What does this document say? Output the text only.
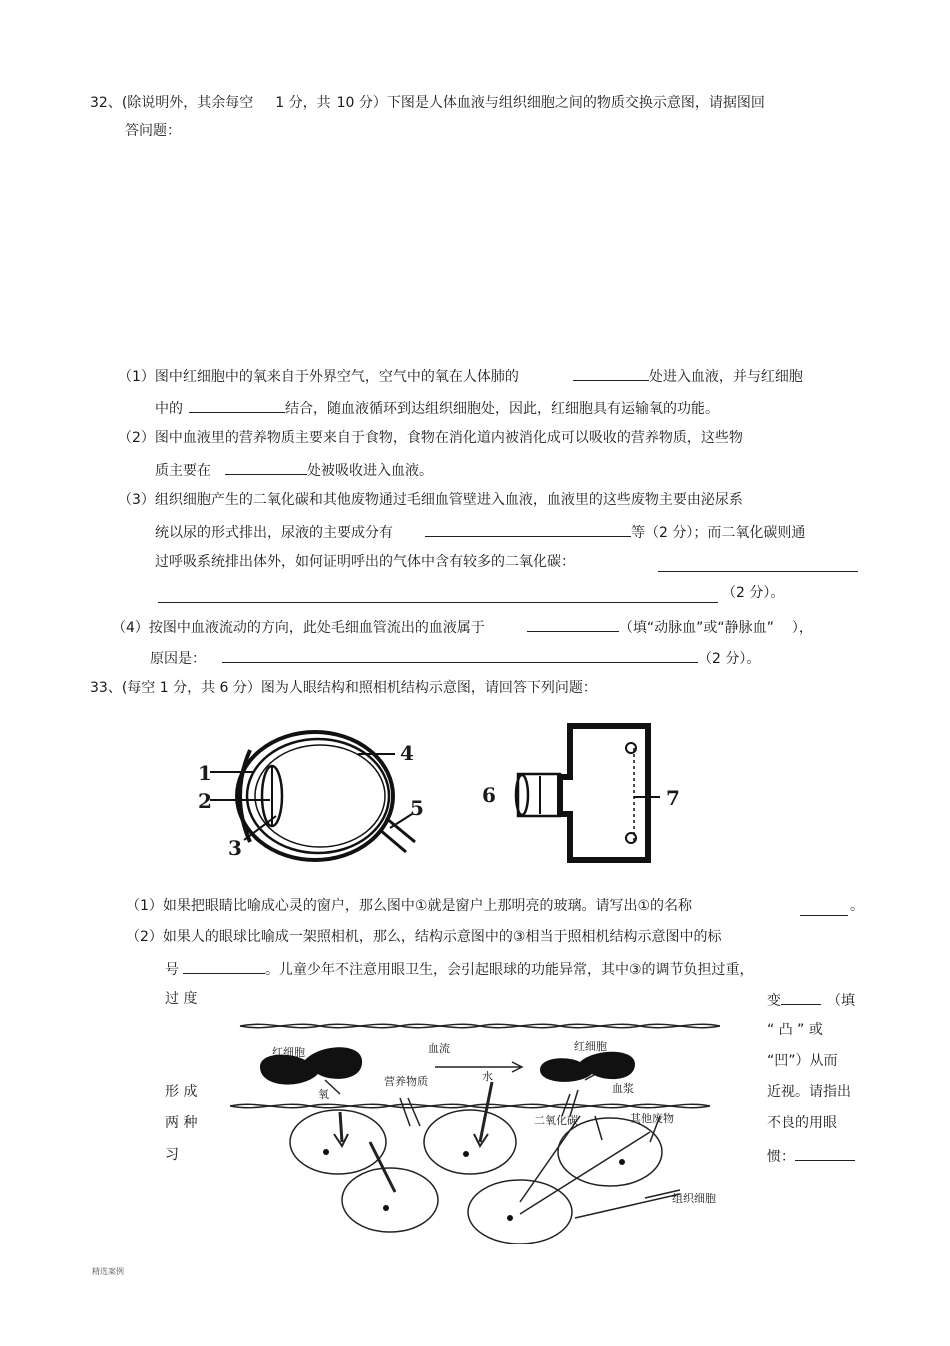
32、(除说明外，其余每空 1 分，共 10 分）下图是人体血液与组织细胞之间的物质交换示意图，请据图回
答问题：
（1）图中红细胞中的氧来自于外界空气，空气中的氧在人体肺的	处进入血液，并与红细胞
中的	结合，随血液循环到达组织细胞处，因此，红细胞具有运输氧的功能。
（2）图中血液里的营养物质主要来自于食物，食物在消化道内被消化成可以吸收的营养物质，这些物
质主要在	处被吸收进入血液。
（3）组织细胞产生的二氧化碳和其他废物通过毛细血管壁进入血液，血液里的这些废物主要由泌尿系
统以尿的形式排出，尿液的主要成分有	等（2 分）；而二氧化碳则通
过呼吸系统排出体外，如何证明呼出的气体中含有较多的二氧化碳：
（2 分）。
（4）按图中血液流动的方向，此处毛细血管流出的血液属于	（填“动脉血”或“静脉血” ），
原因是：	（2 分）。
33、(每空 1 分，共 6 分）图为人眼结构和照相机结构示意图，请回答下列问题：
1
2
3
4
5
6	7
（1）如果把眼睛比喻成心灵的窗户，那么图中①就是窗户上那明亮的玻璃。请写出①的名称	。
（2）如果人的眼球比喻成一架照相机，那么，结构示意图中的③相当于照相机结构示意图中的标
号	。儿童少年不注意用眼卫生，会引起眼球的功能异常，其中③的调节负担过重，
过 度
形 成
两 种
习
变	（填
“ 凸 ” 或
“凹”）从而
近视。请指出
不良的用眼
惯：
红细胞	血流	红细胞
氧
营养物质	水
血浆
二氧化碳	其他废物
组织细胞
精选案例
